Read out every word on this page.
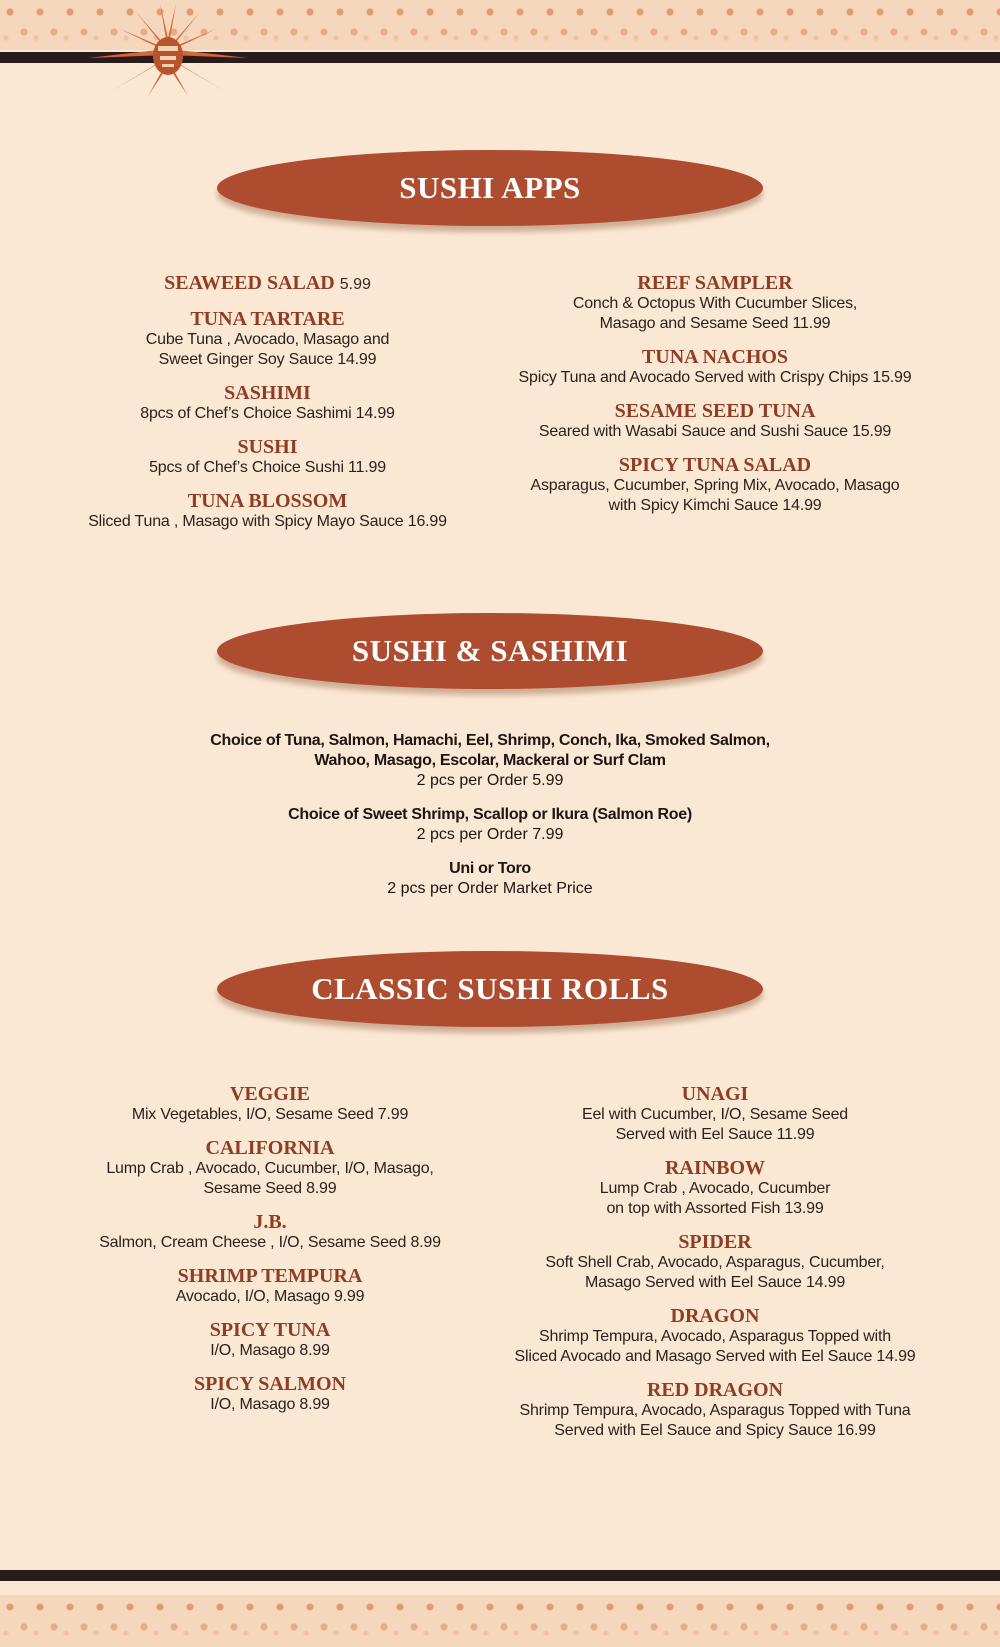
SUSHI APPS
SEAWEED SALAD 5.99
TUNA TARTARE
Cube Tuna , Avocado, Masago and
Sweet Ginger Soy Sauce 14.99
SASHIMI
8pcs of Chef’s Choice Sashimi 14.99
SUSHI
5pcs of Chef’s Choice Sushi 11.99
TUNA BLOSSOM
Sliced Tuna , Masago with Spicy Mayo Sauce 16.99
REEF SAMPLER
Conch & Octopus With Cucumber Slices,
Masago and Sesame Seed 11.99
TUNA NACHOS
Spicy Tuna and Avocado Served with Crispy Chips 15.99
SESAME SEED TUNA
Seared with Wasabi Sauce and Sushi Sauce 15.99
SPICY TUNA SALAD
Asparagus, Cucumber, Spring Mix, Avocado, Masago
with Spicy Kimchi Sauce 14.99
SUSHI & SASHIMI
Choice of Tuna, Salmon, Hamachi, Eel, Shrimp, Conch, Ika, Smoked Salmon,
Wahoo, Masago, Escolar, Mackeral or Surf Clam
2 pcs per Order 5.99
Choice of Sweet Shrimp, Scallop or Ikura (Salmon Roe)
2 pcs per Order 7.99
Uni or Toro
2 pcs per Order Market Price
CLASSIC SUSHI ROLLS
VEGGIE
Mix Vegetables, I/O, Sesame Seed 7.99
CALIFORNIA
Lump Crab , Avocado, Cucumber, I/O, Masago,
Sesame Seed 8.99
J.B.
Salmon, Cream Cheese , I/O, Sesame Seed 8.99
SHRIMP TEMPURA
Avocado, I/O, Masago 9.99
SPICY TUNA
I/O, Masago 8.99
SPICY SALMON
I/O, Masago 8.99
UNAGI
Eel with Cucumber, I/O, Sesame Seed
Served with Eel Sauce 11.99
RAINBOW
Lump Crab , Avocado, Cucumber
on top with Assorted Fish 13.99
SPIDER
Soft Shell Crab, Avocado, Asparagus, Cucumber,
Masago Served with Eel Sauce 14.99
DRAGON
Shrimp Tempura, Avocado, Asparagus Topped with
Sliced Avocado and Masago Served with Eel Sauce 14.99
RED DRAGON
Shrimp Tempura, Avocado, Asparagus Topped with Tuna
Served with Eel Sauce and Spicy Sauce 16.99
